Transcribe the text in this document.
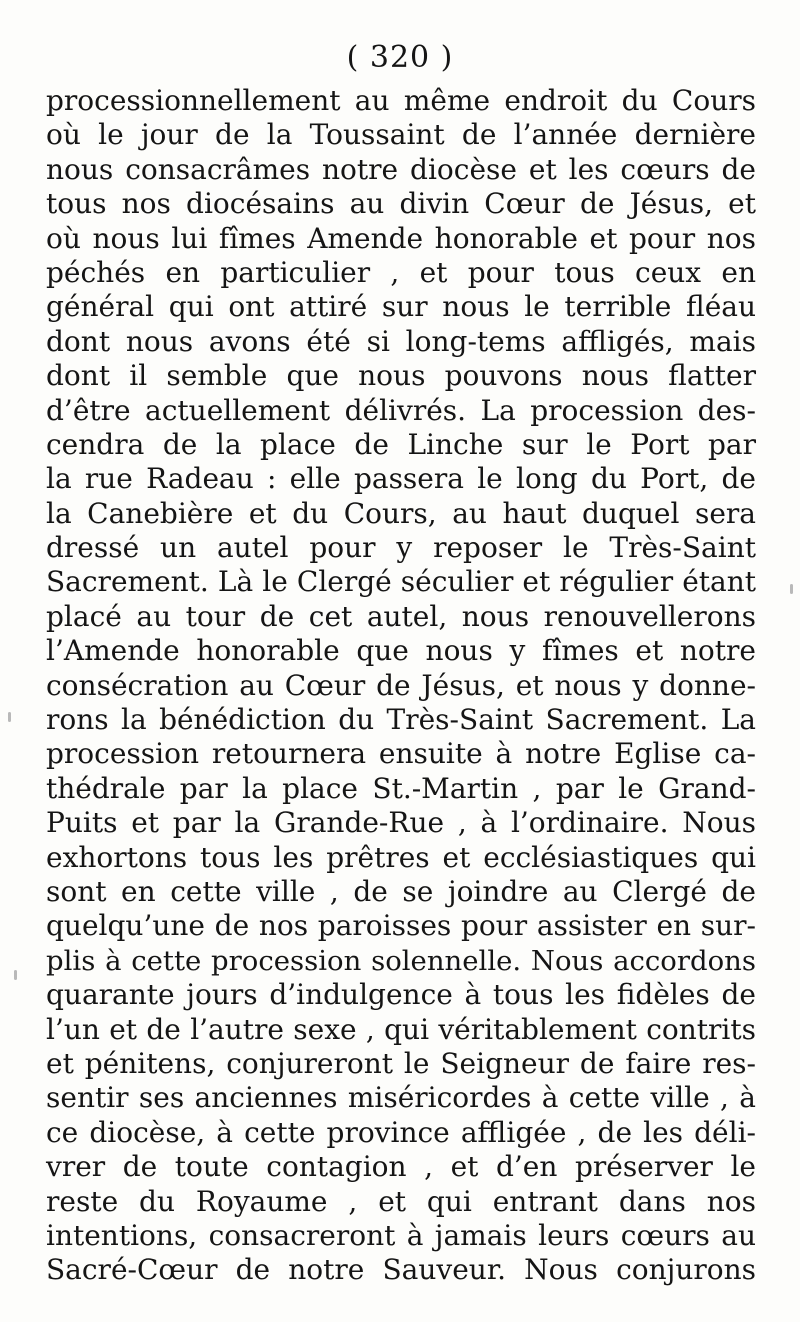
( 320 )
processionnellement au même endroit du Cours
où le jour de la Toussaint de l’année dernière
nous consacrâmes notre diocèse et les cœurs de
tous nos diocésains au divin Cœur de Jésus, et
où nous lui fîmes Amende honorable et pour nos
péchés en particulier , et pour tous ceux en
général qui ont attiré sur nous le terrible fléau
dont nous avons été si long-tems affligés, mais
dont il semble que nous pouvons nous flatter
d’être actuellement délivrés. La procession des-
cendra de la place de Linche sur le Port par
la rue Radeau : elle passera le long du Port, de
la Canebière et du Cours, au haut duquel sera
dressé un autel pour y reposer le Très-Saint
Sacrement. Là le Clergé séculier et régulier étant
placé au tour de cet autel, nous renouvellerons
l’Amende honorable que nous y fîmes et notre
consécration au Cœur de Jésus, et nous y donne-
rons la bénédiction du Très-Saint Sacrement. La
procession retournera ensuite à notre Eglise ca-
thédrale par la place St.-Martin , par le Grand-
Puits et par la Grande-Rue , à l’ordinaire. Nous
exhortons tous les prêtres et ecclésiastiques qui
sont en cette ville , de se joindre au Clergé de
quelqu’une de nos paroisses pour assister en sur-
plis à cette procession solennelle. Nous accordons
quarante jours d’indulgence à tous les fidèles de
l’un et de l’autre sexe , qui véritablement contrits
et pénitens, conjureront le Seigneur de faire res-
sentir ses anciennes miséricordes à cette ville , à
ce diocèse, à cette province affligée , de les déli-
vrer de toute contagion , et d’en préserver le
reste du Royaume , et qui entrant dans nos
intentions, consacreront à jamais leurs cœurs au
Sacré-Cœur de notre Sauveur. Nous conjurons
